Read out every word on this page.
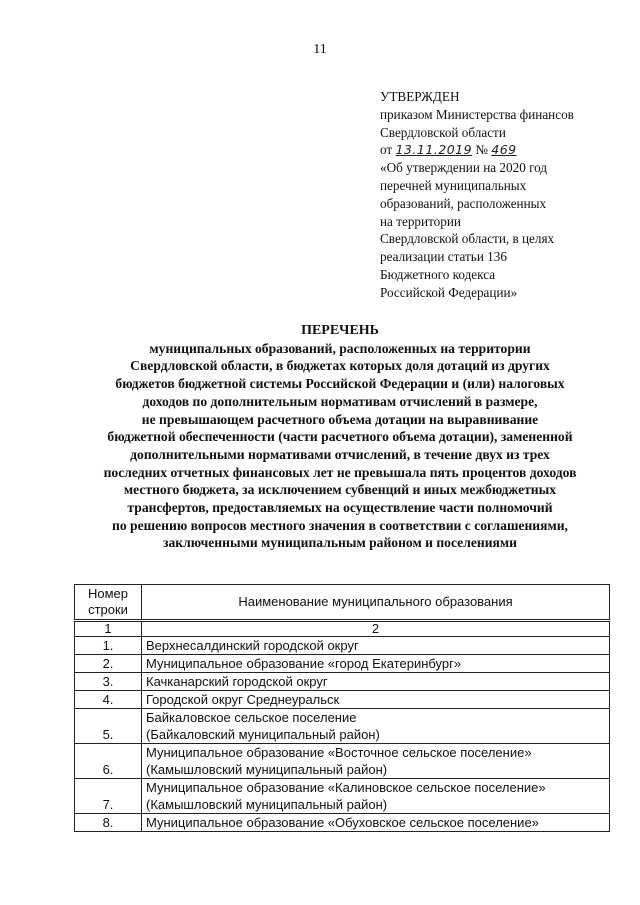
11
УТВЕРЖДЕН
приказом Министерства финансов
Свердловской области
от 13.11.2019 № 469
«Об утверждении на 2020 год
перечней муниципальных
образований, расположенных
на территории
Свердловской области, в целях
реализации статьи 136
Бюджетного кодекса
Российской Федерации»
ПЕРЕЧЕНЬ
муниципальных образований, расположенных на территории
Свердловской области, в бюджетах которых доля дотаций из других
бюджетов бюджетной системы Российской Федерации и (или) налоговых
доходов по дополнительным нормативам отчислений в размере,
не превышающем расчетного объема дотации на выравнивание
бюджетной обеспеченности (части расчетного объема дотации), замененной
дополнительными нормативами отчислений, в течение двух из трех
последних отчетных финансовых лет не превышала пять процентов доходов
местного бюджета, за исключением субвенций и иных межбюджетных
трансфертов, предоставляемых на осуществление части полномочий
по решению вопросов местного значения в соответствии с соглашениями,
заключенными муниципальным районом и поселениями
Номер
строки	Наименование муниципального образования
1	2
1.	Верхнесалдинский городской округ
2.	Муниципальное образование «город Екатеринбург»
3.	Качканарский городской округ
4.	Городской округ Среднеуральск
5.	Байкаловское сельское поселение
(Байкаловский муниципальный район)
6.	Муниципальное образование «Восточное сельское поселение»
(Камышловский муниципальный район)
7.	Муниципальное образование «Калиновское сельское поселение»
(Камышловский муниципальный район)
8.	Муниципальное образование «Обуховское сельское поселение»
